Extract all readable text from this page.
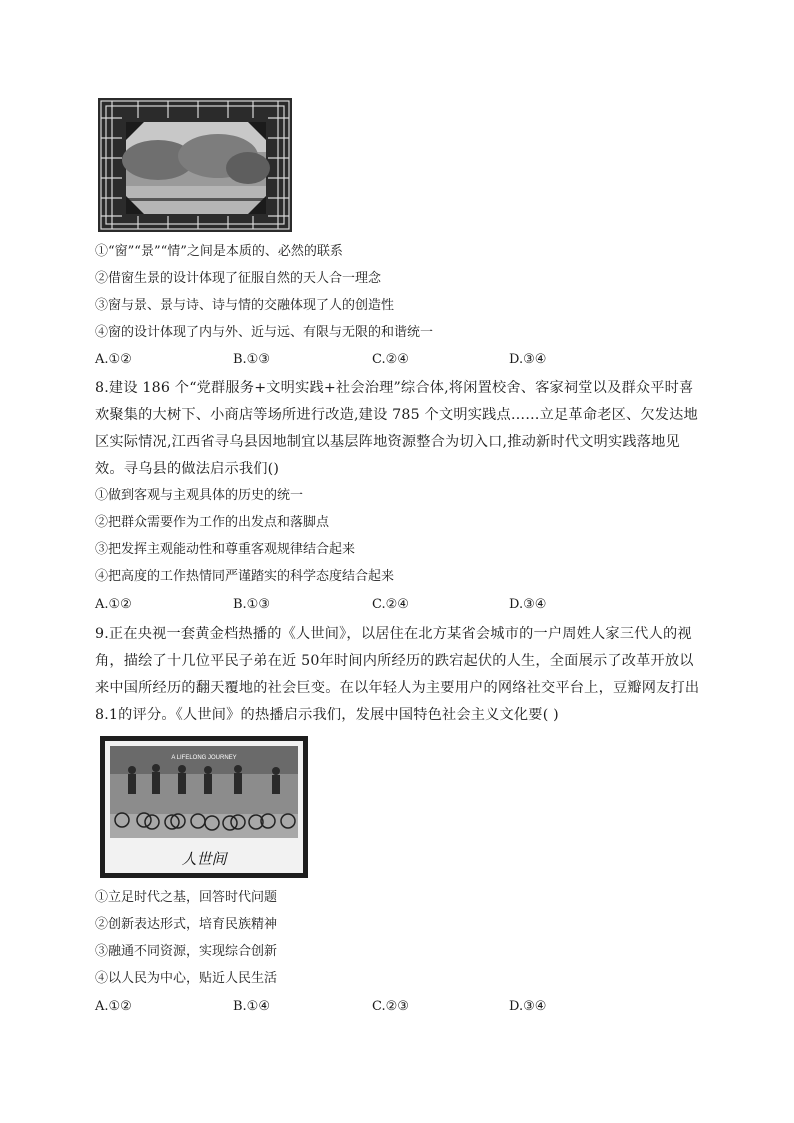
①“窗”“景”“情”之间是本质的、必然的联系
②借窗生景的设计体现了征服自然的天人合一理念
③窗与景、景与诗、诗与情的交融体现了人的创造性
④窗的设计体现了内与外、近与远、有限与无限的和谐统一
A.①②	B.①③	C.②④	D.③④
8.建设 186 个“党群服务+文明实践+社会治理”综合体,将闲置校舍、客家祠堂以及群众平时喜欢聚集的大树下、小商店等场所进行改造,建设 785 个文明实践点……立足革命老区、欠发达地区实际情况,江西省寻乌县因地制宜以基层阵地资源整合为切入口,推动新时代文明实践落地见效。寻乌县的做法启示我们()
①做到客观与主观具体的历史的统一
②把群众需要作为工作的出发点和落脚点
③把发挥主观能动性和尊重客观规律结合起来
④把高度的工作热情同严谨踏实的科学态度结合起来
A.①②	B.①③	C.②④	D.③④
9.正在央视一套黄金档热播的《人世间》，以居住在北方某省会城市的一户周姓人家三代人的视角，描绘了十几位平民子弟在近 50年时间内所经历的跌宕起伏的人生，全面展示了改革开放以来中国所经历的翻天覆地的社会巨变。在以年轻人为主要用户的网络社交平台上，豆瓣网友打出 8.1的评分。《人世间》的热播启示我们，发展中国特色社会主义文化要( )
A LIFELONG JOURNEY
人世间
①立足时代之基，回答时代问题
②创新表达形式，培育民族精神
③融通不同资源，实现综合创新
④以人民为中心，贴近人民生活
A.①②	B.①④	C.②③	D.③④
